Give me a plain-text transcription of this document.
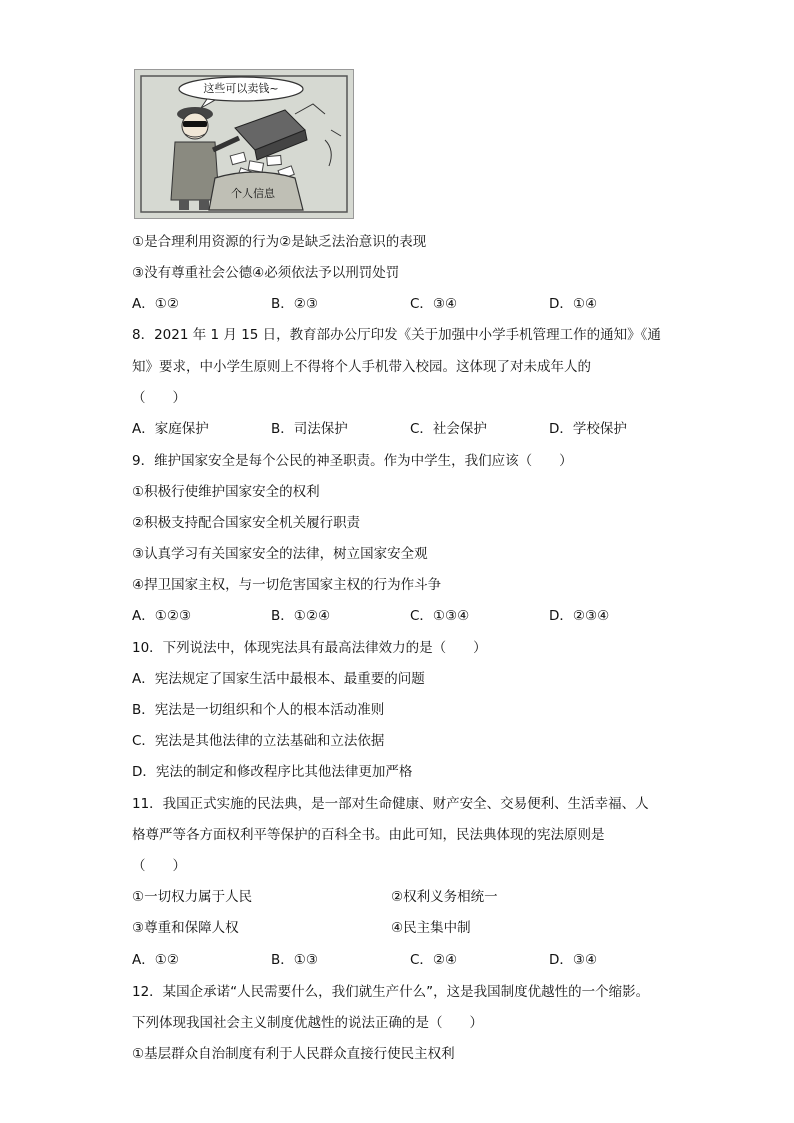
这些可以卖钱~
个人信息
①是合理利用资源的行为②是缺乏法治意识的表现
③没有尊重社会公德④必须依法予以刑罚处罚
A．①②	B．②③	C．③④	D．①④
8．2021 年 1 月 15 日，教育部办公厅印发《关于加强中小学手机管理工作的通知》《通
知》要求，中小学生原则上不得将个人手机带入校园。这体现了对未成年人的
（　　）
A．家庭保护	B．司法保护	C．社会保护	D．学校保护
9．维护国家安全是每个公民的神圣职责。作为中学生，我们应该（　　）
①积极行使维护国家安全的权利
②积极支持配合国家安全机关履行职责
③认真学习有关国家安全的法律，树立国家安全观
④捍卫国家主权，与一切危害国家主权的行为作斗争
A．①②③	B．①②④	C．①③④	D．②③④
10．下列说法中，体现宪法具有最高法律效力的是（　　）
A．宪法规定了国家生活中最根本、最重要的问题
B．宪法是一切组织和个人的根本活动准则
C．宪法是其他法律的立法基础和立法依据
D．宪法的制定和修改程序比其他法律更加严格
11．我国正式实施的民法典，是一部对生命健康、财产安全、交易便利、生活幸福、人
格尊严等各方面权利平等保护的百科全书。由此可知，民法典体现的宪法原则是
（　　）
①一切权力属于人民	②权利义务相统一
③尊重和保障人权	④民主集中制
A．①②	B．①③	C．②④	D．③④
12．某国企承诺“人民需要什么，我们就生产什么”，这是我国制度优越性的一个缩影。
下列体现我国社会主义制度优越性的说法正确的是（　　）
①基层群众自治制度有利于人民群众直接行使民主权利
